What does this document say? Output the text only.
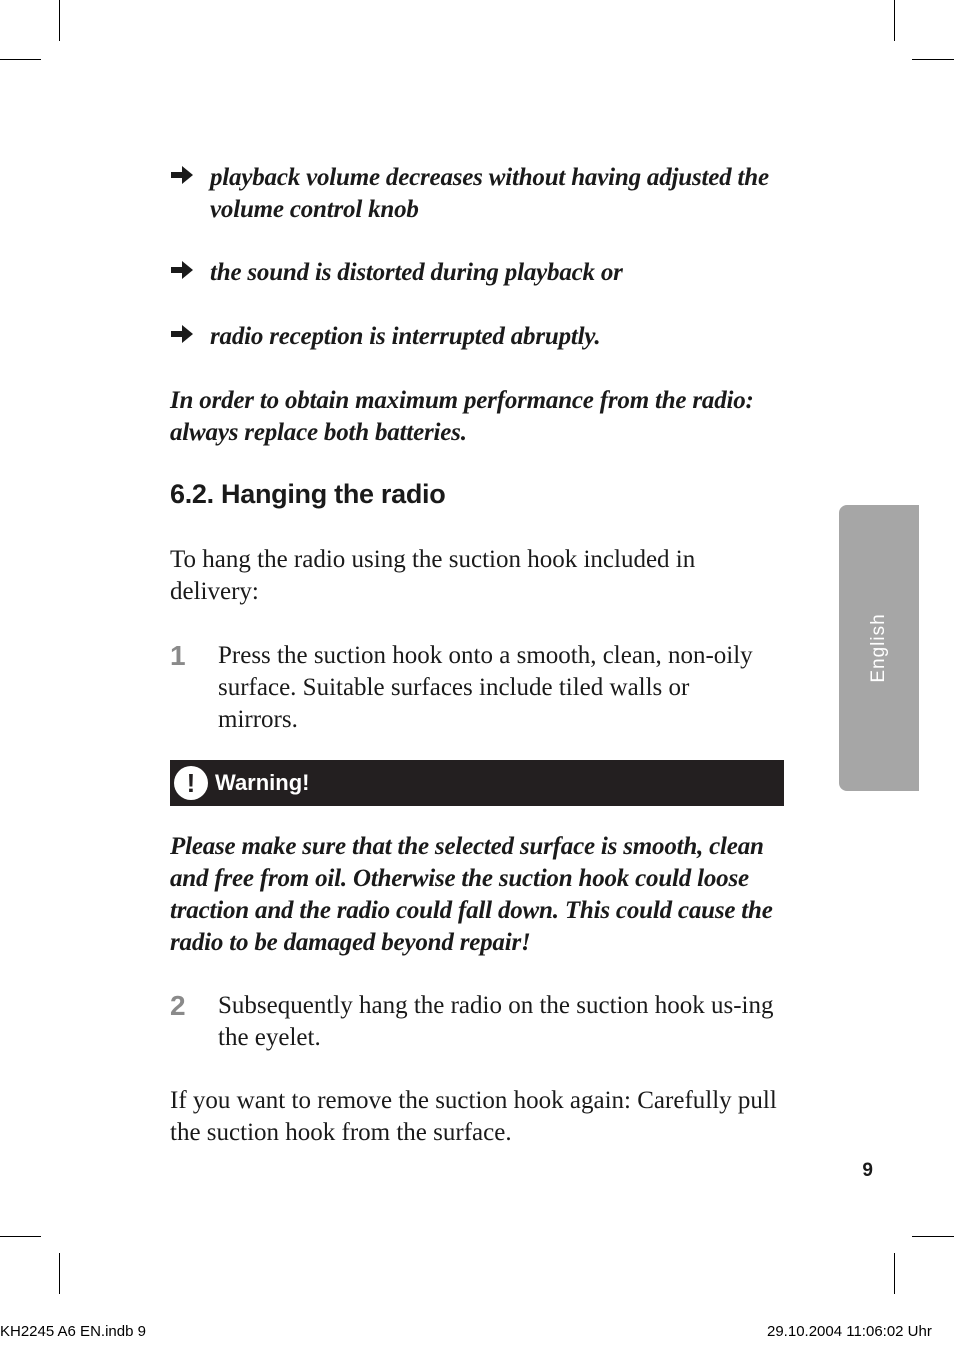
playback volume decreases without having adjusted the volume control knob
the sound is distorted during playback or
radio reception is interrupted abruptly.
In order to obtain maximum performance from the radio: always replace both batteries.
6.2. Hanging the radio
To hang the radio using the suction hook included in delivery:
1 Press the suction hook onto a smooth, clean, non-oily surface. Suitable surfaces include tiled walls or mirrors.
! Warning!
Please make sure that the selected surface is smooth, clean and free from oil. Otherwise the suction hook could loose traction and the radio could fall down. This could cause the radio to be damaged beyond repair!
2 Subsequently hang the radio on the suction hook us-ing the eyelet.
If you want to remove the suction hook again: Carefully pull the suction hook from the surface.
English
9
KH2245 A6 EN.indb 9	29.10.2004 11:06:02 Uhr
